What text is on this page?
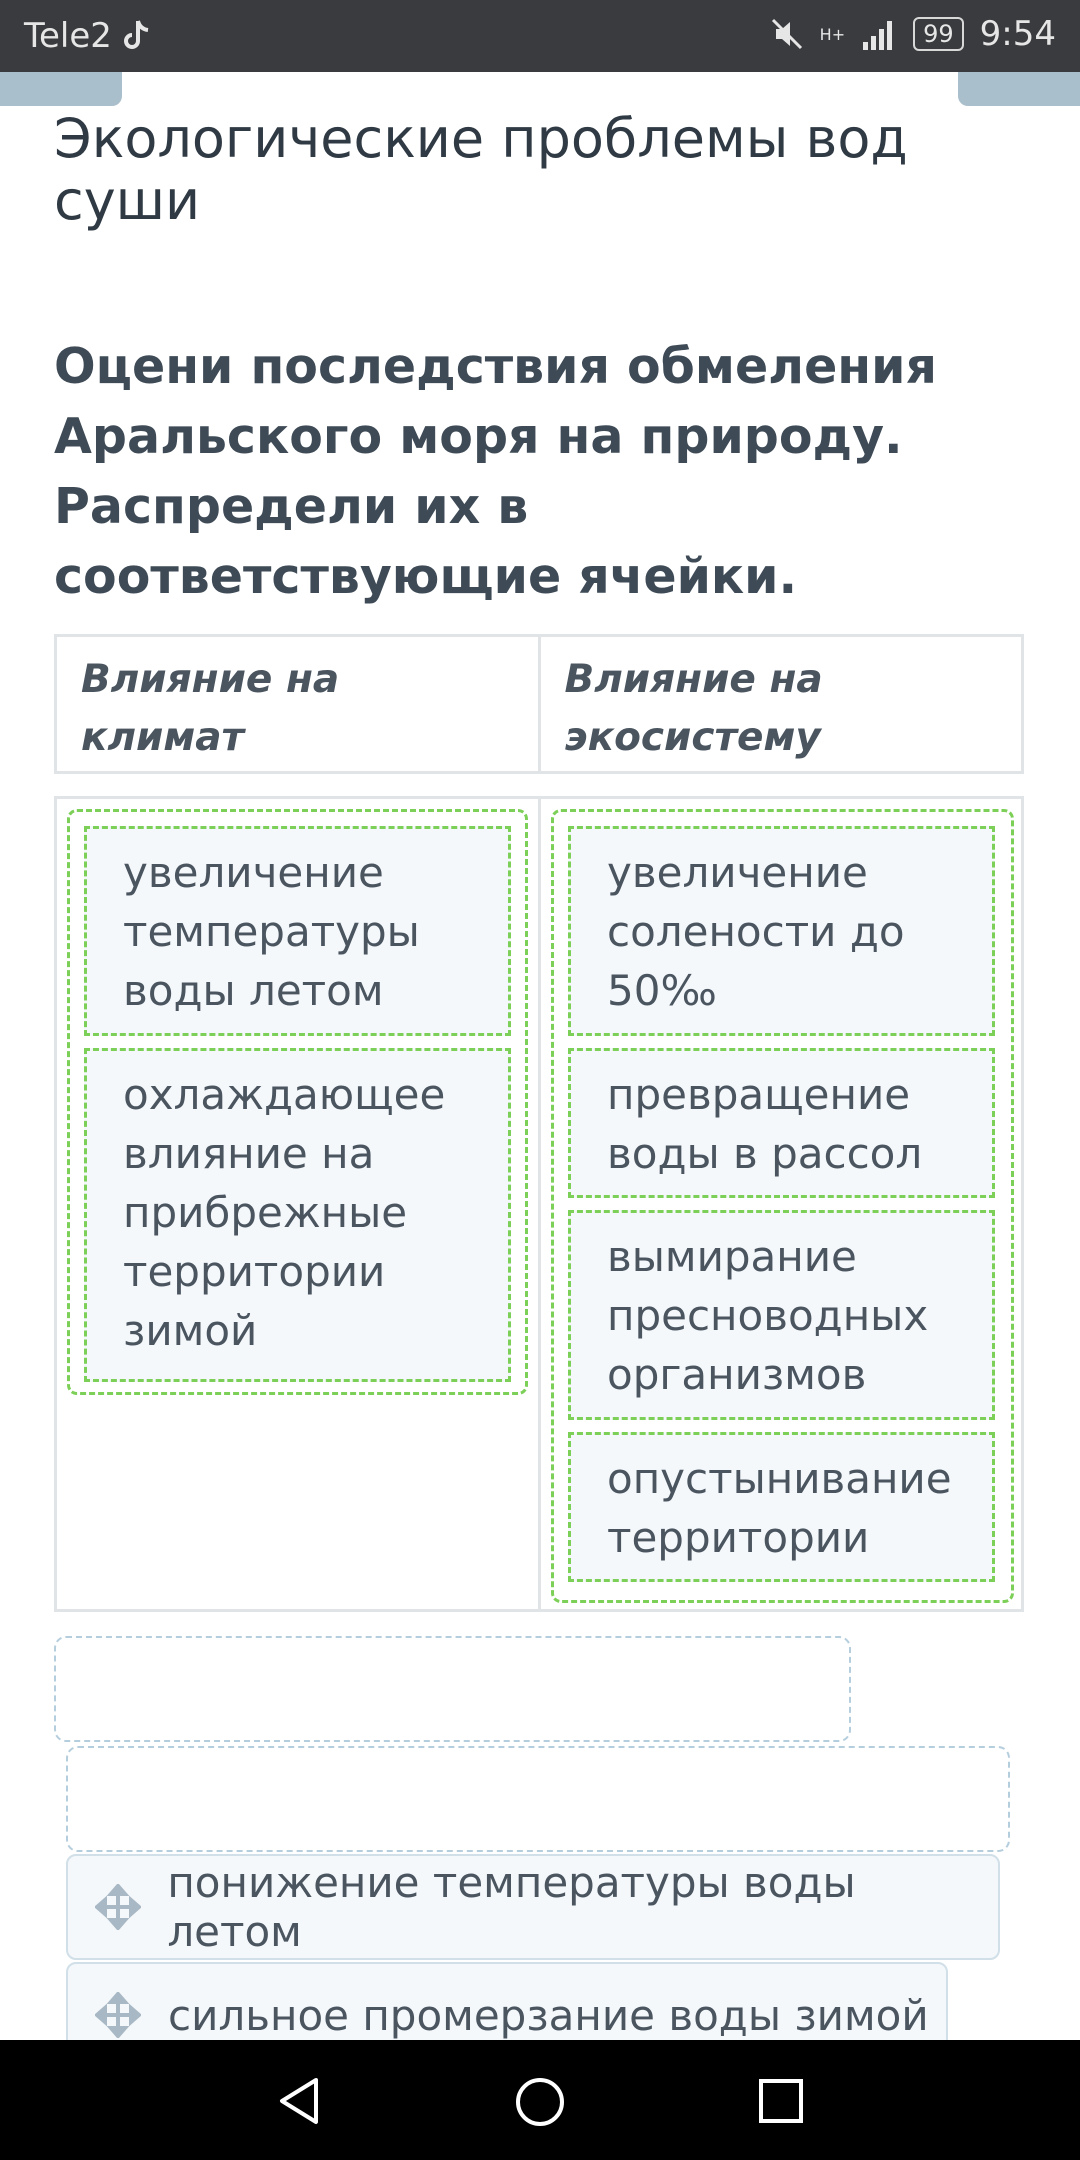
Tele2	H+	99 9:54
Экологические проблемы вод суши
Оцени последствия обмеления Аральского моря на природу. Распредели их в соответствующие ячейки.
Влияние на климат
Влияние на экосистему
увеличение температуры воды летом
охлаждающее влияние на прибрежные территории зимой
увеличение солености до 50‰
превращение воды в рассол
вымирание пресноводных организмов
опустынивание территории
понижение температуры воды летом
сильное промерзание воды зимой
